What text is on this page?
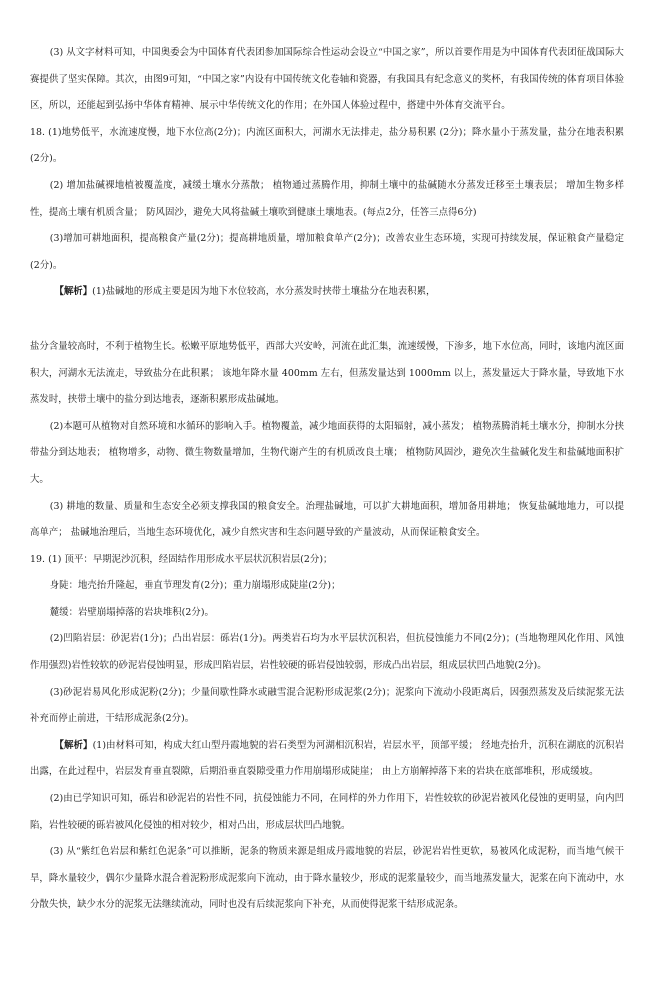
(3) 从文字材料可知，中国奥委会为中国体育代表团参加国际综合性运动会设立“中国之家”，所以首要作用是为中国体育代表团征战国际大赛提供了坚实保障。其次，由图9可知，“中国之家”内设有中国传统文化卷轴和瓷器，有我国具有纪念意义的奖杯，有我国传统的体育项目体验区，所以，还能起到弘扬中华体育精神、展示中华传统文化的作用；在外国人体验过程中，搭建中外体育交流平台。

18. (1)地势低平，水流速度慢，地下水位高(2分)；内流区面积大，河湖水无法排走，盐分易积累 (2分)；降水量小于蒸发量，盐分在地表积累 (2分)。

(2) 增加盐碱裸地植被覆盖度，减缓土壤水分蒸散； 植物通过蒸腾作用，抑制土壤中的盐碱随水分蒸发迁移至土壤表层； 增加生物多样性，提高土壤有机质含量； 防风固沙，避免大风将盐碱土壤吹到健康土壤地表。(每点2分，任答三点得6分)

(3)增加可耕地面积，提高粮食产量(2分)；提高耕地质量，增加粮食单产(2分)；改善农业生态环境，实现可持续发展，保证粮食产量稳定(2分)。

【解析】(1)盐碱地的形成主要是因为地下水位较高，水分蒸发时挟带土壤盐分在地表积累，

盐分含量较高时，不利于植物生长。松嫩平原地势低平，西部大兴安岭，河流在此汇集，流速缓慢，下渗多，地下水位高，同时，该地内流区面积大，河湖水无法流走，导致盐分在此积累； 该地年降水量 400mm 左右，但蒸发量达到 1000mm 以上，蒸发量远大于降水量，导致地下水蒸发时，挟带土壤中的盐分到达地表，逐渐积累形成盐碱地。

(2)本题可从植物对自然环境和水循环的影响入手。植物覆盖，减少地面获得的太阳辐射，减小蒸发； 植物蒸腾消耗土壤水分，抑制水分挟带盐分到达地表； 植物增多，动物、微生物数量增加，生物代谢产生的有机质改良土壤； 植物防风固沙，避免次生盐碱化发生和盐碱地面积扩大。

(3) 耕地的数量、质量和生态安全必须支撑我国的粮食安全。治理盐碱地，可以扩大耕地面积，增加备用耕地； 恢复盐碱地地力，可以提高单产； 盐碱地治理后，当地生态环境优化，减少自然灾害和生态问题导致的产量波动，从而保证粮食安全。

19. (1) 顶平：早期泥沙沉积，经固结作用形成水平层状沉积岩层(2分)；

身陡：地壳抬升隆起，垂直节理发育(2分)；重力崩塌形成陡崖(2分)；

麓缓：岩壁崩塌掉落的岩块堆积(2分)。

(2)凹陷岩层：砂泥岩(1分)；凸出岩层：砾岩(1分)。两类岩石均为水平层状沉积岩，但抗侵蚀能力不同(2分)；(当地物理风化作用、风蚀作用强烈)岩性较软的砂泥岩侵蚀明显，形成凹陷岩层，岩性较硬的砾岩侵蚀较弱，形成凸出岩层，组成层状凹凸地貌(2分)。

(3)砂泥岩易风化形成泥粉(2分)；少量间歇性降水或融雪混合泥粉形成泥浆(2分)；泥浆向下流动小段距离后，因强烈蒸发及后续泥浆无法补充而停止前进，干结形成泥条(2分)。

【解析】(1)由材料可知，构成大红山型丹霞地貌的岩石类型为河湖相沉积岩，岩层水平，顶部平缓； 经地壳抬升，沉积在湖底的沉积岩出露，在此过程中，岩层发育垂直裂隙，后期沿垂直裂隙受重力作用崩塌形成陡崖； 由上方崩解掉落下来的岩块在底部堆积，形成缓坡。

(2)由已学知识可知，砾岩和砂泥岩的岩性不同，抗侵蚀能力不同，在同样的外力作用下，岩性较软的砂泥岩被风化侵蚀的更明显，向内凹陷，岩性较硬的砾岩被风化侵蚀的相对较少，相对凸出，形成层状凹凸地貌。

(3) 从“紫红色岩层和紫红色泥条”可以推断，泥条的物质来源是组成丹霞地貌的岩层，砂泥岩岩性更软，易被风化成泥粉，而当地气候干旱，降水量较少，偶尔少量降水混合着泥粉形成泥浆向下流动，由于降水量较少，形成的泥浆量较少，而当地蒸发量大，泥浆在向下流动中，水分散失快，缺少水分的泥浆无法继续流动，同时也没有后续泥浆向下补充，从而使得泥浆干结形成泥条。
